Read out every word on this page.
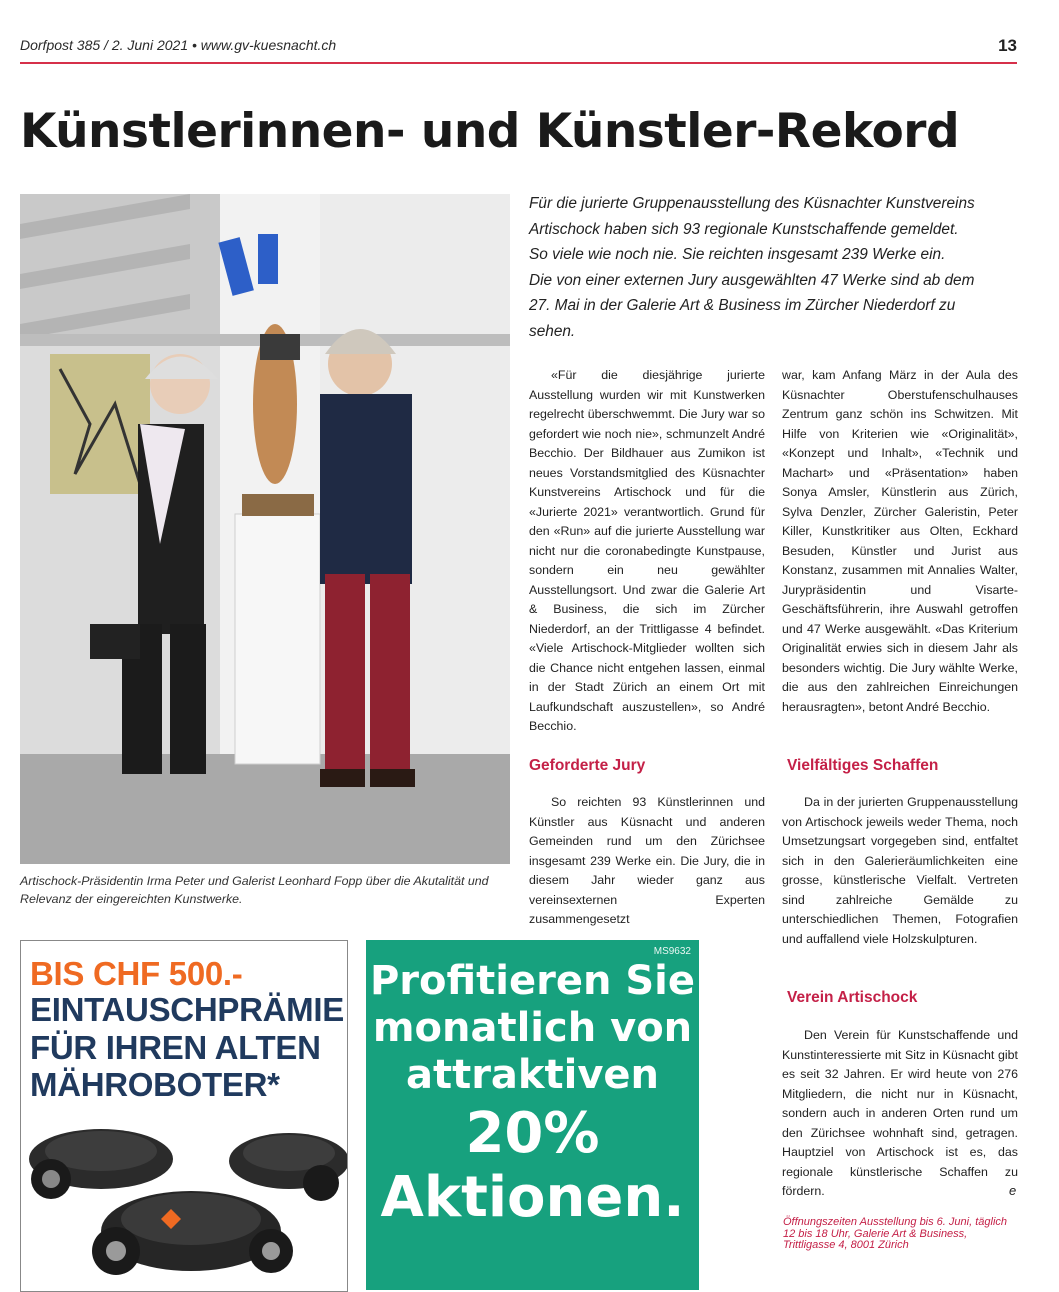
Dorfpost 385 / 2. Juni 2021 • www.gv-kuesnacht.ch	13
Künstlerinnen- und Künstler-Rekord
Artischock-Präsidentin Irma Peter und Galerist Leonhard Fopp über die Akutalität und Relevanz der eingereichten Kunstwerke.

Für die jurierte Gruppenausstellung des Küsnachter Kunstvereins

Artischock haben sich 93 regionale Kunstschaffende gemeldet.

So viele wie noch nie. Sie reichten insgesamt 239 Werke ein.

Die von einer externen Jury ausgewählten 47 Werke sind ab dem

27. Mai in der Galerie Art & Business im Zürcher Niederdorf zu

sehen.

«Für die diesjährige jurierte Ausstellung wurden wir mit Kunstwerken regelrecht überschwemmt. Die Jury war so gefordert wie noch nie», schmunzelt André Becchio. Der Bildhauer aus Zumikon ist neues Vorstandsmitglied des Küsnachter Kunstvereins Artischock und für die «Jurierte 2021» verantwortlich. Grund für den «Run» auf die jurierte Ausstellung war nicht nur die coronabedingte Kunstpause, sondern ein neu gewählter Ausstellungsort. Und zwar die Galerie Art & Business, die sich im Zürcher Niederdorf, an der Trittligasse 4 befindet. «Viele Artischock-Mitglieder wollten sich die Chance nicht entgehen lassen, einmal in der Stadt Zürich an einem Ort mit Laufkundschaft auszustellen», so André Becchio.

war, kam Anfang März in der Aula des Küsnachter Oberstufenschulhauses Zentrum ganz schön ins Schwitzen. Mit Hilfe von Kriterien wie «Originalität», «Konzept und Inhalt», «Technik und Machart» und «Präsentation» haben Sonya Amsler, Künstlerin aus Zürich, Sylva Denzler, Zürcher Galeristin, Peter Killer, Kunstkritiker aus Olten, Eckhard Besuden, Künstler und Jurist aus Konstanz, zusammen mit Annalies Walter, Jurypräsidentin und Visarte-Geschäftsführerin, ihre Auswahl getroffen und 47 Werke ausgewählt. «Das Kriterium Originalität erwies sich in diesem Jahr als besonders wichtig. Die Jury wählte Werke, die aus den zahlreichen Einreichungen herausragten», betont André Becchio.

Geforderte Jury

So reichten 93 Künstlerinnen und Künstler aus Küsnacht und anderen Gemeinden rund um den Zürichsee insgesamt 239 Werke ein. Die Jury, die in diesem Jahr wieder ganz aus vereinsexternen Experten zusammengesetzt

Vielfältiges Schaffen

Da in der jurierten Gruppenausstellung von Artischock jeweils weder Thema, noch Umsetzungsart vorgegeben sind, entfaltet sich in den Galerieräumlichkeiten eine grosse, künstlerische Vielfalt. Vertreten sind zahlreiche Gemälde zu unterschiedlichen Themen, Fotografien und auffallend viele Holzskulpturen.

Verein Artischock

Den Verein für Kunstschaffende und Kunstinteressierte mit Sitz in Küsnacht gibt es seit 32 Jahren. Er wird heute von 276 Mitgliedern, die nicht nur in Küsnacht, sondern auch in anderen Orten rund um den Zürichsee wohnhaft sind, getragen. Hauptziel von Artischock ist es, das regionale künstlerische Schaffen zu fördern.	e
Öffnungszeiten Ausstellung bis 6. Juni, täglich 12 bis 18 Uhr, Galerie Art & Business, Trittligasse 4, 8001 Zürich
BIS CHF 500.-
EINTAUSCHPRÄMIE FÜR IHREN ALTEN MÄHROBOTER*
MS9632
Profitieren Sie monatlich von attraktiven
20% Aktionen.
